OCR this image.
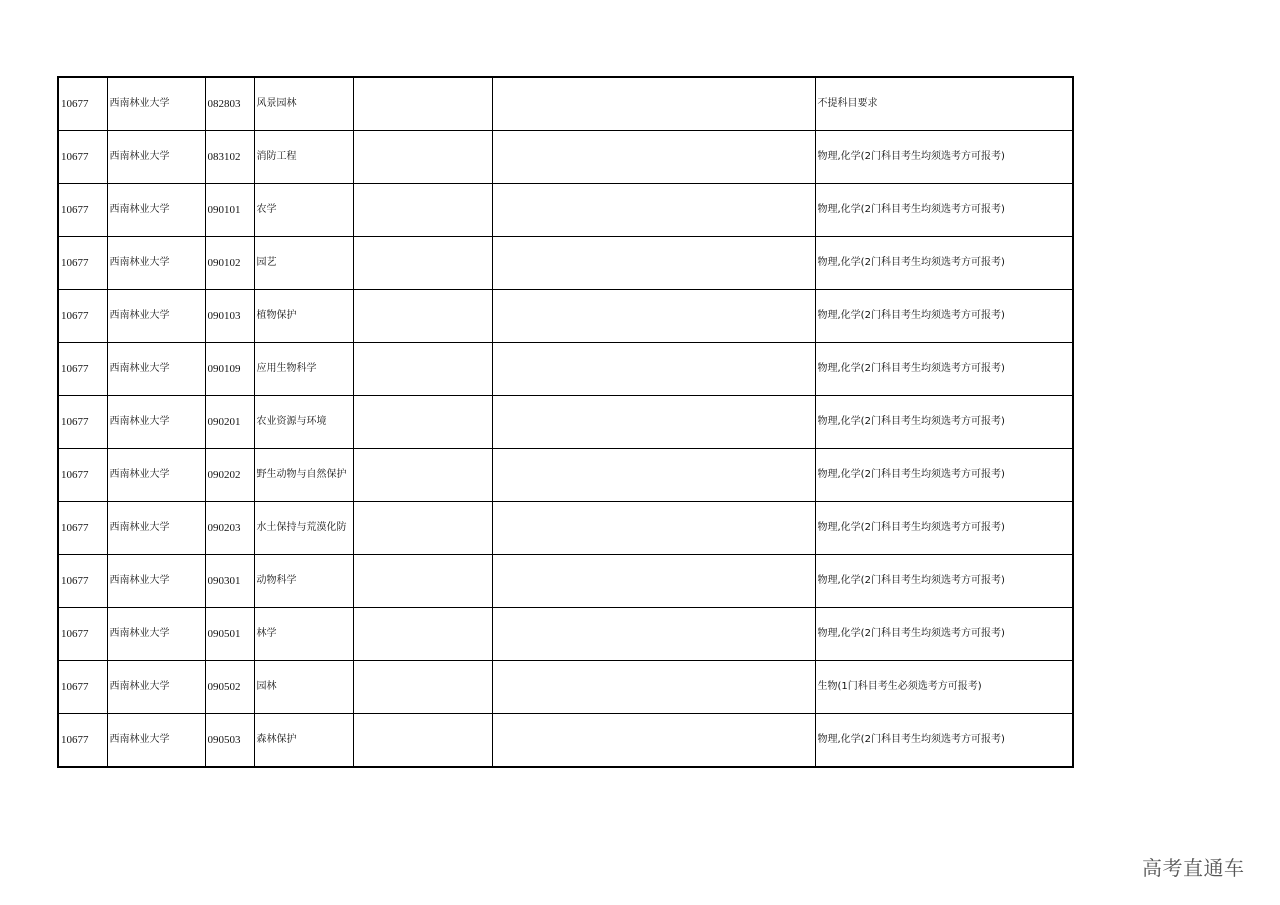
10677	西南林业大学	082803	风景园林			不提科目要求
10677	西南林业大学	083102	消防工程			物理,化学(2门科目考生均须选考方可报考)
10677	西南林业大学	090101	农学			物理,化学(2门科目考生均须选考方可报考)
10677	西南林业大学	090102	园艺			物理,化学(2门科目考生均须选考方可报考)
10677	西南林业大学	090103	植物保护			物理,化学(2门科目考生均须选考方可报考)
10677	西南林业大学	090109	应用生物科学			物理,化学(2门科目考生均须选考方可报考)
10677	西南林业大学	090201	农业资源与环境			物理,化学(2门科目考生均须选考方可报考)
10677	西南林业大学	090202	野生动物与自然保护			物理,化学(2门科目考生均须选考方可报考)
10677	西南林业大学	090203	水土保持与荒漠化防			物理,化学(2门科目考生均须选考方可报考)
10677	西南林业大学	090301	动物科学			物理,化学(2门科目考生均须选考方可报考)
10677	西南林业大学	090501	林学			物理,化学(2门科目考生均须选考方可报考)
10677	西南林业大学	090502	园林			生物(1门科目考生必须选考方可报考)
10677	西南林业大学	090503	森林保护			物理,化学(2门科目考生均须选考方可报考)
高考直通车
